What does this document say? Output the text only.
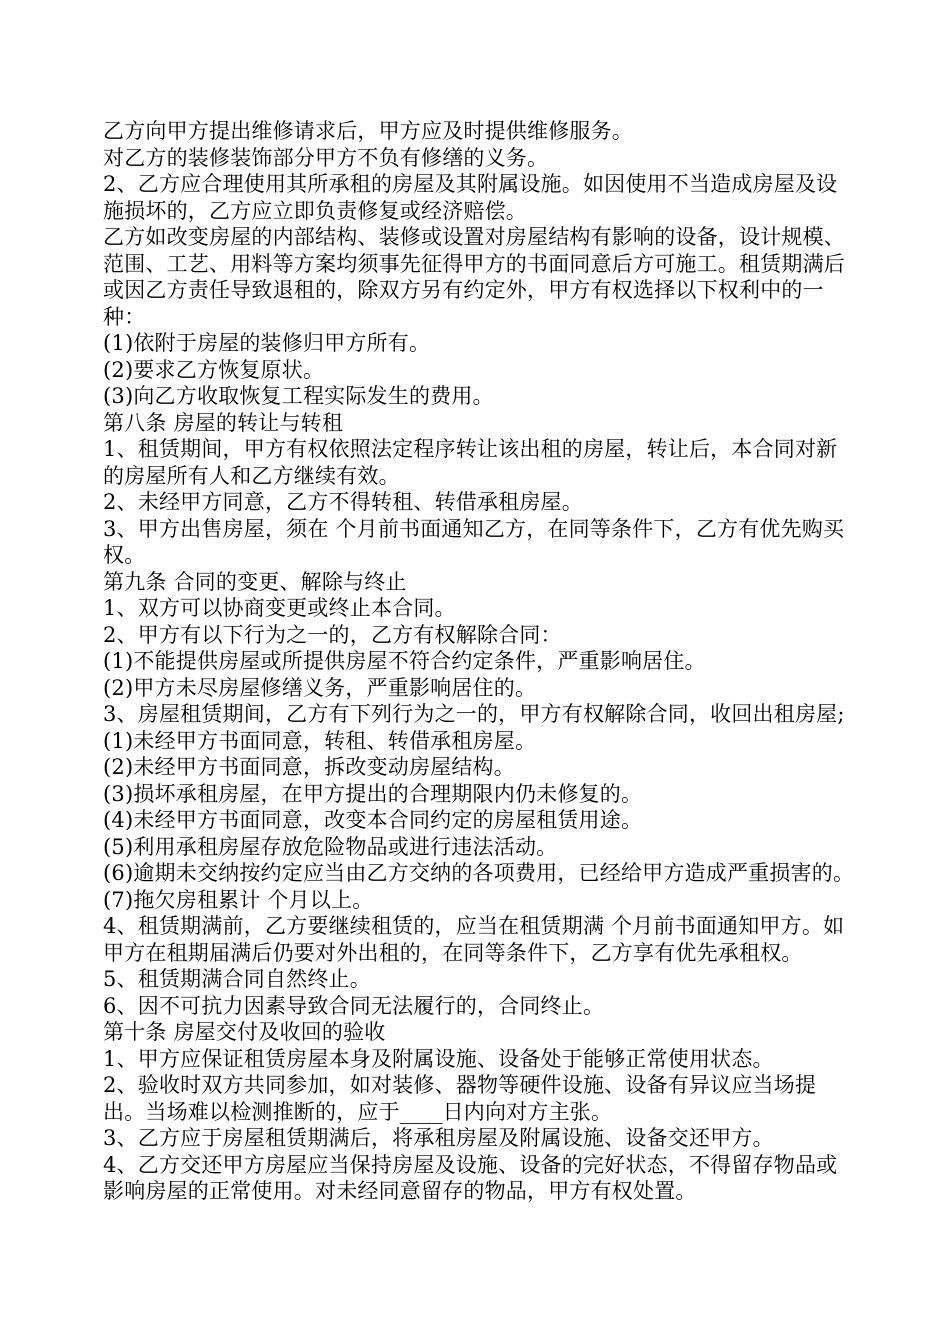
乙方向甲方提出维修请求后，甲方应及时提供维修服务。

对乙方的装修装饰部分甲方不负有修缮的义务。

2、乙方应合理使用其所承租的房屋及其附属设施。如因使用不当造成房屋及设施损坏的，乙方应立即负责修复或经济赔偿。

乙方如改变房屋的内部结构、装修或设置对房屋结构有影响的设备，设计规模、范围、工艺、用料等方案均须事先征得甲方的书面同意后方可施工。租赁期满后或因乙方责任导致退租的，除双方另有约定外，甲方有权选择以下权利中的一种：

(1)依附于房屋的装修归甲方所有。

(2)要求乙方恢复原状。

(3)向乙方收取恢复工程实际发生的费用。

第八条 房屋的转让与转租

1、租赁期间，甲方有权依照法定程序转让该出租的房屋，转让后，本合同对新的房屋所有人和乙方继续有效。

2、未经甲方同意，乙方不得转租、转借承租房屋。

3、甲方出售房屋，须在 个月前书面通知乙方，在同等条件下，乙方有优先购买权。

第九条 合同的变更、解除与终止

1、双方可以协商变更或终止本合同。

2、甲方有以下行为之一的，乙方有权解除合同：

(1)不能提供房屋或所提供房屋不符合约定条件，严重影响居住。

(2)甲方未尽房屋修缮义务，严重影响居住的。

3、房屋租赁期间，乙方有下列行为之一的，甲方有权解除合同，收回出租房屋;

(1)未经甲方书面同意，转租、转借承租房屋。

(2)未经甲方书面同意，拆改变动房屋结构。

(3)损坏承租房屋，在甲方提出的合理期限内仍未修复的。

(4)未经甲方书面同意，改变本合同约定的房屋租赁用途。

(5)利用承租房屋存放危险物品或进行违法活动。

(6)逾期未交纳按约定应当由乙方交纳的各项费用，已经给甲方造成严重损害的。

(7)拖欠房租累计 个月以上。

4、租赁期满前，乙方要继续租赁的，应当在租赁期满 个月前书面通知甲方。如甲方在租期届满后仍要对外出租的，在同等条件下，乙方享有优先承租权。

5、租赁期满合同自然终止。

6、因不可抗力因素导致合同无法履行的，合同终止。

第十条 房屋交付及收回的验收

1、甲方应保证租赁房屋本身及附属设施、设备处于能够正常使用状态。

2、验收时双方共同参加，如对装修、器物等硬件设施、设备有异议应当场提出。当场难以检测推断的，应于____日内向对方主张。

3、乙方应于房屋租赁期满后，将承租房屋及附属设施、设备交还甲方。

4、乙方交还甲方房屋应当保持房屋及设施、设备的完好状态，不得留存物品或影响房屋的正常使用。对未经同意留存的物品，甲方有权处置。
